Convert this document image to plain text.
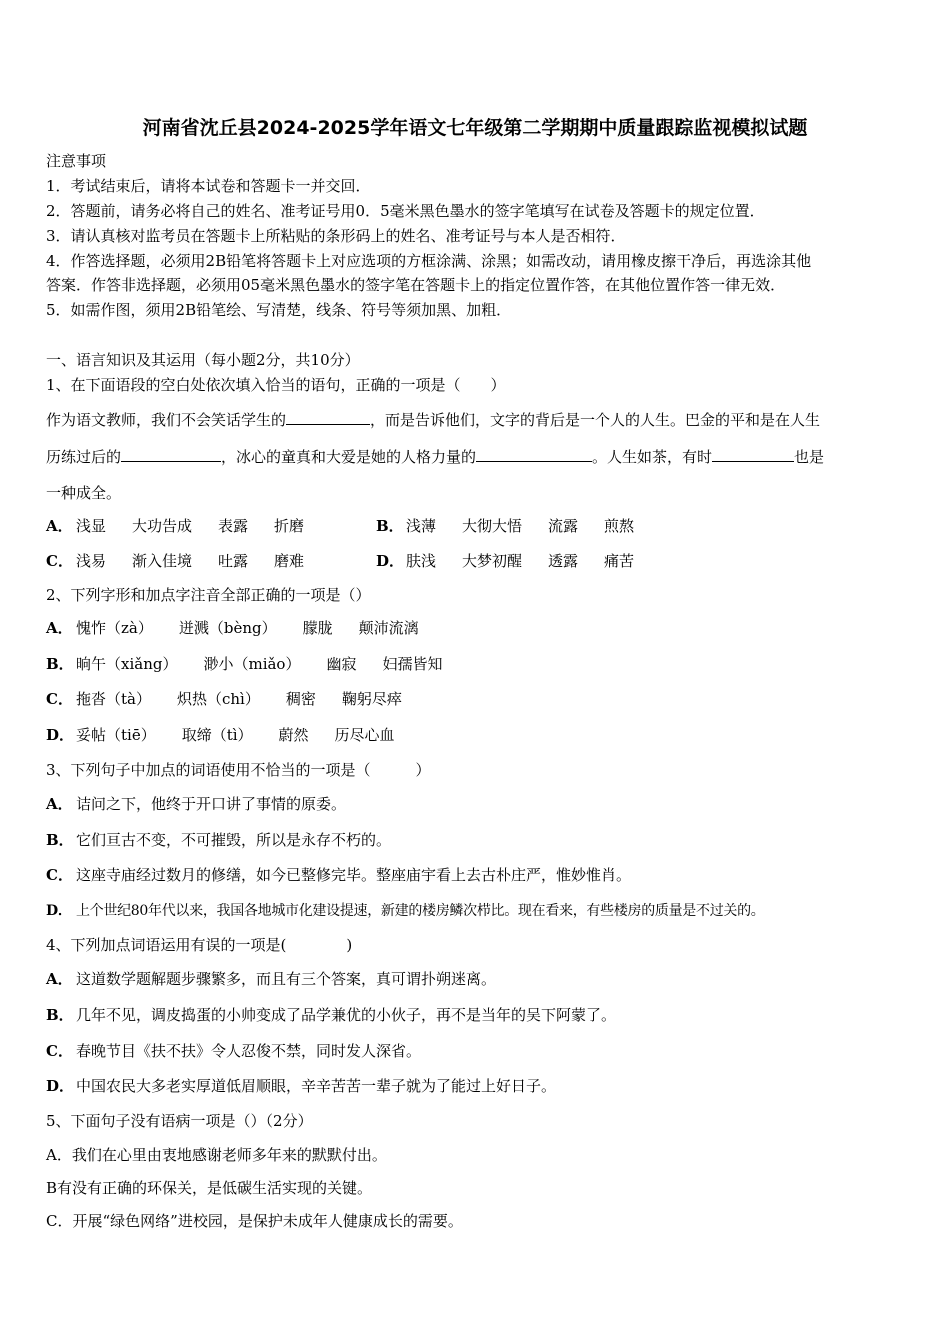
河南省沈丘县2024-2025学年语文七年级第二学期期中质量跟踪监视模拟试题
注意事项
1．考试结束后，请将本试卷和答题卡一并交回．
2．答题前，请务必将自己的姓名、准考证号用0．5毫米黑色墨水的签字笔填写在试卷及答题卡的规定位置．
3．请认真核对监考员在答题卡上所粘贴的条形码上的姓名、准考证号与本人是否相符．
4．作答选择题，必须用2B铅笔将答题卡上对应选项的方框涂满、涂黑；如需改动，请用橡皮擦干净后，再选涂其他
答案．作答非选择题，必须用05毫米黑色墨水的签字笔在答题卡上的指定位置作答，在其他位置作答一律无效．
5．如需作图，须用2B铅笔绘、写清楚，线条、符号等须加黑、加粗．
一、语言知识及其运用（每小题2分，共10分）
1、在下面语段的空白处依次填入恰当的语句，正确的一项是（　　）
作为语文教师，我们不会笑话学生的	，而是告诉他们，文字的背后是一个人的人生。巴金的平和是在人生
历练过后的	，冰心的童真和大爱是她的人格力量的	。人生如茶，有时	也是
一种成全。
A． 浅显 大功告成 表露 折磨	B． 浅薄 大彻大悟 流露 煎熬
C． 浅易 渐入佳境 吐露 磨难	D． 肤浅 大梦初醒 透露 痛苦
2、下列字形和加点字注音全部正确的一项是（）
A． 愧怍（zà） 迸溅（bèng） 朦胧 颠沛流漓
B． 晌午（xiǎng） 渺小（miǎo） 幽寂 妇孺皆知
C． 拖沓（tà） 炽热（chì） 稠密 鞠躬尽瘁
D． 妥帖（tiē） 取缔（tì） 蔚然 历尽心血
3、下列句子中加点的词语使用不恰当的一项是（　　　）
A． 诘问之下，他终于开口讲了事情的原委。
B． 它们亘古不变，不可摧毁，所以是永存不朽的。
C． 这座寺庙经过数月的修缮，如今已整修完毕。整座庙宇看上去古朴庄严，惟妙惟肖。
D． 上个世纪80年代以来，我国各地城市化建设提速，新建的楼房鳞次栉比。现在看来，有些楼房的质量是不过关的。
4、下列加点词语运用有误的一项是(　　　　)
A． 这道数学题解题步骤繁多，而且有三个答案，真可谓扑朔迷离。
B． 几年不见，调皮捣蛋的小帅变成了品学兼优的小伙子，再不是当年的吴下阿蒙了。
C． 春晚节目《扶不扶》令人忍俊不禁，同时发人深省。
D． 中国农民大多老实厚道低眉顺眼，辛辛苦苦一辈子就为了能过上好日子。
5、下面句子没有语病一项是（）（2分）
A．我们在心里由衷地感谢老师多年来的默默付出。
B有没有正确的环保关，是低碳生活实现的关键。
C．开展“绿色网络”进校园，是保护未成年人健康成长的需要。
